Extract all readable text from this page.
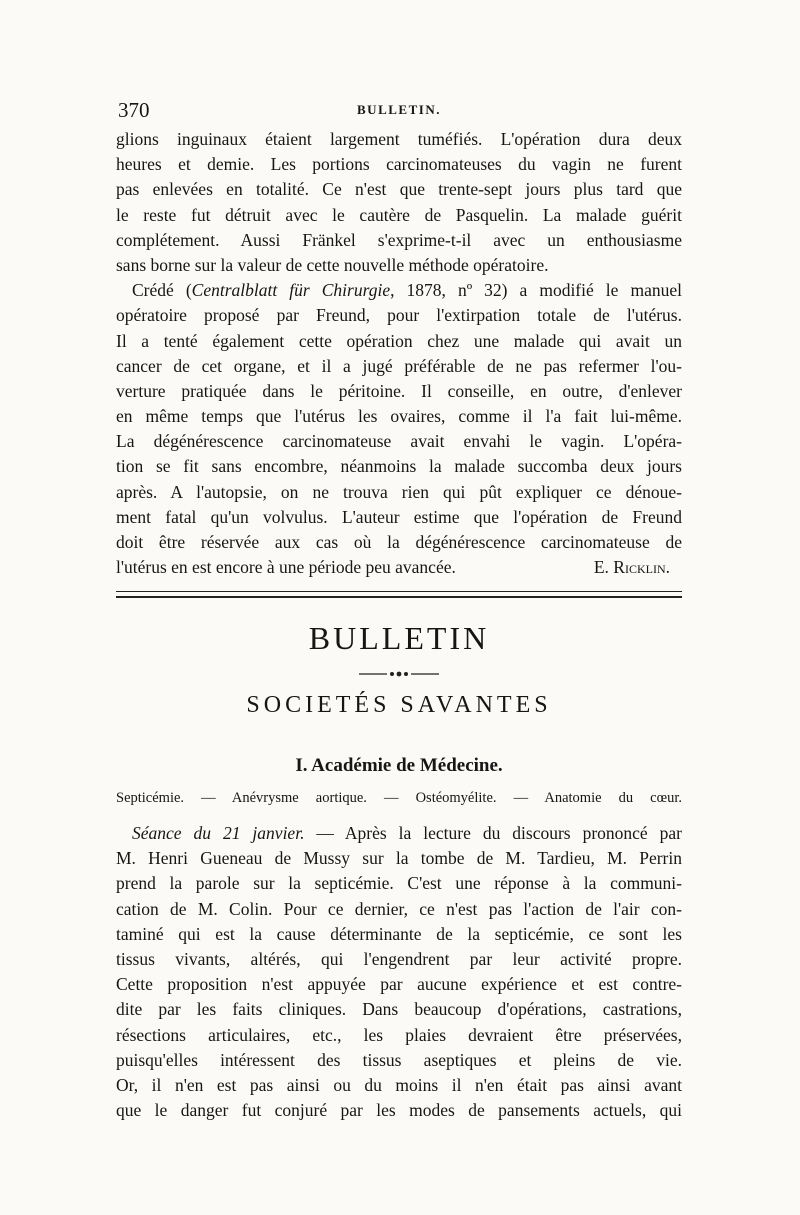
370	BULLETIN.
glions inguinaux étaient largement tuméfiés. L'opération dura deux
heures et demie. Les portions carcinomateuses du vagin ne furent
pas enlevées en totalité. Ce n'est que trente-sept jours plus tard que
le reste fut détruit avec le cautère de Pasquelin. La malade guérit
complétement. Aussi Fränkel s'exprime-t-il avec un enthousiasme
sans borne sur la valeur de cette nouvelle méthode opératoire.
Crédé (Centralblatt für Chirurgie, 1878, nº 32) a modifié le manuel
opératoire proposé par Freund, pour l'extirpation totale de l'utérus.
Il a tenté également cette opération chez une malade qui avait un
cancer de cet organe, et il a jugé préférable de ne pas refermer l'ou-
verture pratiquée dans le péritoine. Il conseille, en outre, d'enlever
en même temps que l'utérus les ovaires, comme il l'a fait lui-même.
La dégénérescence carcinomateuse avait envahi le vagin. L'opéra-
tion se fit sans encombre, néanmoins la malade succomba deux jours
après. A l'autopsie, on ne trouva rien qui pût expliquer ce dénoue-
ment fatal qu'un volvulus. L'auteur estime que l'opération de Freund
doit être réservée aux cas où la dégénérescence carcinomateuse de
l'utérus en est encore à une période peu avancée.	E. Ricklin.
BULLETIN
SOCIETÉS SAVANTES
I. Académie de Médecine.
Septicémie. — Anévrysme aortique. — Ostéomyélite. — Anatomie du cœur.
Séance du 21 janvier. — Après la lecture du discours prononcé par
M. Henri Gueneau de Mussy sur la tombe de M. Tardieu, M. Perrin
prend la parole sur la septicémie. C'est une réponse à la communi-
cation de M. Colin. Pour ce dernier, ce n'est pas l'action de l'air con-
taminé qui est la cause déterminante de la septicémie, ce sont les
tissus vivants, altérés, qui l'engendrent par leur activité propre.
Cette proposition n'est appuyée par aucune expérience et est contre-
dite par les faits cliniques. Dans beaucoup d'opérations, castrations,
résections articulaires, etc., les plaies devraient être préservées,
puisqu'elles intéressent des tissus aseptiques et pleins de vie.
Or, il n'en est pas ainsi ou du moins il n'en était pas ainsi avant
que le danger fut conjuré par les modes de pansements actuels, qui
